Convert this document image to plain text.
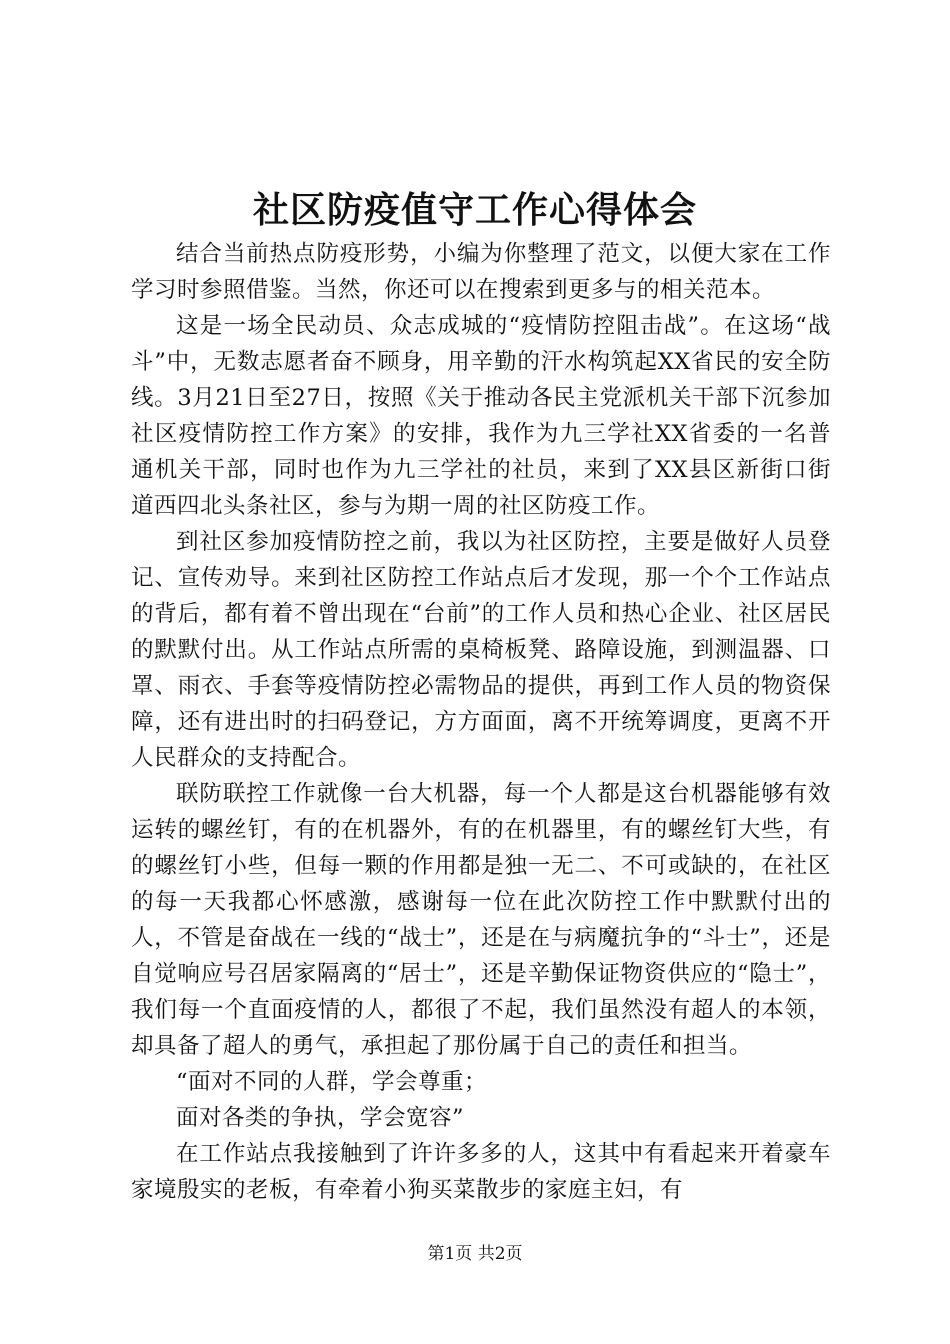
社区防疫值守工作心得体会

结合当前热点防疫形势，小编为你整理了范文，以便大家在工作学习时参照借鉴。当然，你还可以在搜索到更多与的相关范本。

这是一场全民动员、众志成城的“疫情防控阻击战”。在这场“战斗”中，无数志愿者奋不顾身，用辛勤的汗水构筑起XX省民的安全防线。3月21日至27日，按照《关于推动各民主党派机关干部下沉参加社区疫情防控工作方案》的安排，我作为九三学社XX省委的一名普通机关干部，同时也作为九三学社的社员，来到了XX县区新街口街道西四北头条社区，参与为期一周的社区防疫工作。

到社区参加疫情防控之前，我以为社区防控，主要是做好人员登记、宣传劝导。来到社区防控工作站点后才发现，那一个个工作站点的背后，都有着不曾出现在“台前”的工作人员和热心企业、社区居民的默默付出。从工作站点所需的桌椅板凳、路障设施，到测温器、口罩、雨衣、手套等疫情防控必需物品的提供，再到工作人员的物资保障，还有进出时的扫码登记，方方面面，离不开统筹调度，更离不开人民群众的支持配合。

联防联控工作就像一台大机器，每一个人都是这台机器能够有效运转的螺丝钉，有的在机器外，有的在机器里，有的螺丝钉大些，有的螺丝钉小些，但每一颗的作用都是独一无二、不可或缺的，在社区的每一天我都心怀感激，感谢每一位在此次防控工作中默默付出的人，不管是奋战在一线的“战士”，还是在与病魔抗争的“斗士”，还是自觉响应号召居家隔离的“居士”，还是辛勤保证物资供应的“隐士”，我们每一个直面疫情的人，都很了不起，我们虽然没有超人的本领，却具备了超人的勇气，承担起了那份属于自己的责任和担当。

“面对不同的人群，学会尊重；

面对各类的争执，学会宽容”

在工作站点我接触到了许许多多的人，这其中有看起来开着豪车家境殷实的老板，有牵着小狗买菜散步的家庭主妇，有

第1页 共2页
